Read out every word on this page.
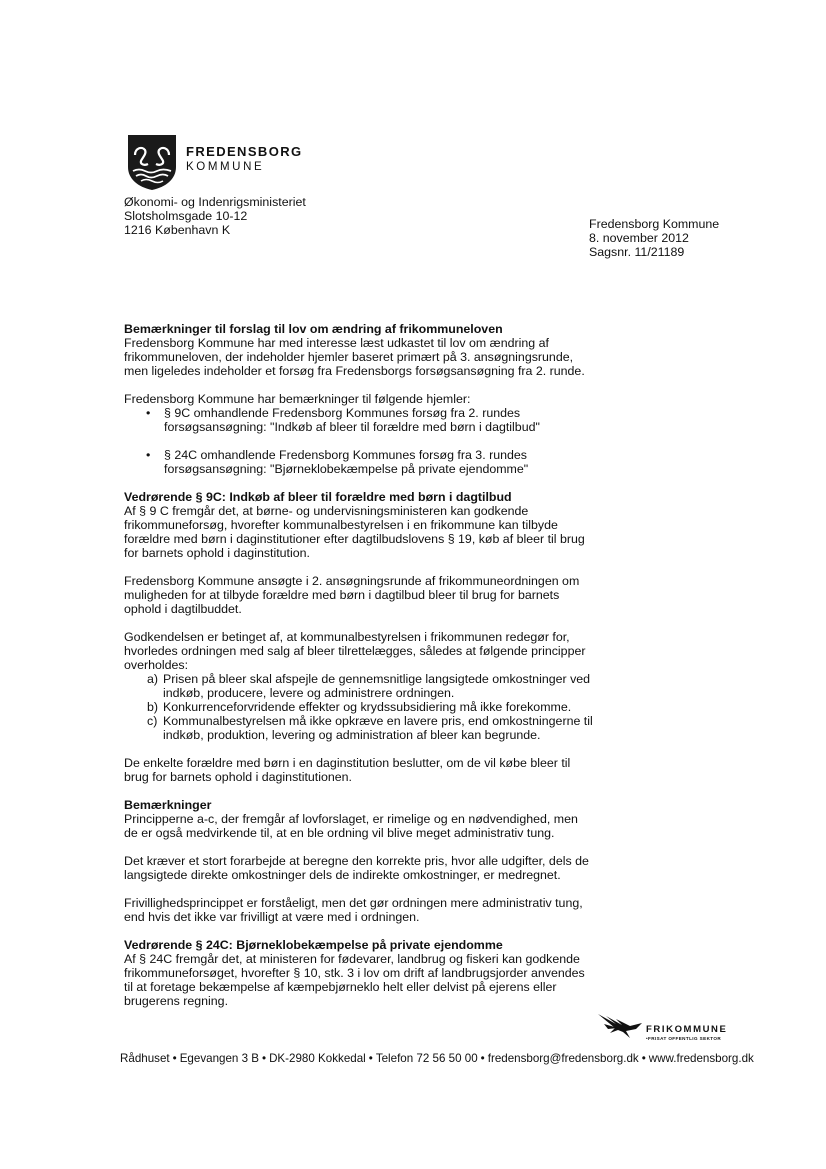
FREDENSBORG
KOMMUNE
Økonomi- og Indenrigsministeriet
Slotsholmsgade 10-12
1216 København K	Fredensborg Kommune
8. november 2012
Sagsnr. 11/21189

Bemærkninger til forslag til lov om ændring af frikommuneloven
Fredensborg Kommune har med interesse læst udkastet til lov om ændring af frikommuneloven, der indeholder hjemler baseret primært på 3. ansøgningsrunde, men ligeledes indeholder et forsøg fra Fredensborgs forsøgsansøgning fra 2. runde.

Fredensborg Kommune har bemærkninger til følgende hjemler:

• § 9C omhandlende Fredensborg Kommunes forsøg fra 2. rundes forsøgsansøgning: "Indkøb af bleer til forældre med børn i dagtilbud"
• § 24C omhandlende Fredensborg Kommunes forsøg fra 3. rundes forsøgsansøgning: "Bjørneklobekæmpelse på private ejendomme"

Vedrørende § 9C: Indkøb af bleer til forældre med børn i dagtilbud
Af § 9 C fremgår det, at børne- og undervisningsministeren kan godkende frikommuneforsøg, hvorefter kommunalbestyrelsen i en frikommune kan tilbyde forældre med børn i daginstitutioner efter dagtilbudslovens § 19, køb af bleer til brug for barnets ophold i daginstitution.

Fredensborg Kommune ansøgte i 2. ansøgningsrunde af frikommuneordningen om muligheden for at tilbyde forældre med børn i dagtilbud bleer til brug for barnets ophold i dagtilbuddet.

Godkendelsen er betinget af, at kommunalbestyrelsen i frikommunen redegør for, hvorledes ordningen med salg af bleer tilrettelægges, således at følgende principper overholdes:

a) Prisen på bleer skal afspejle de gennemsnitlige langsigtede omkostninger ved indkøb, producere, levere og administrere ordningen.
b) Konkurrenceforvridende effekter og krydssubsidiering må ikke forekomme.
c) Kommunalbestyrelsen må ikke opkræve en lavere pris, end omkostningerne til indkøb, produktion, levering og administration af bleer kan begrunde.

De enkelte forældre med børn i en daginstitution beslutter, om de vil købe bleer til brug for barnets ophold i daginstitutionen.

Bemærkninger
Principperne a-c, der fremgår af lovforslaget, er rimelige og en nødvendighed, men de er også medvirkende til, at en ble ordning vil blive meget administrativ tung.

Det kræver et stort forarbejde at beregne den korrekte pris, hvor alle udgifter, dels de langsigtede direkte omkostninger dels de indirekte omkostninger, er medregnet.

Frivillighedsprincippet er forståeligt, men det gør ordningen mere administrativ tung, end hvis det ikke var frivilligt at være med i ordningen.

Vedrørende § 24C: Bjørneklobekæmpelse på private ejendomme
Af § 24C fremgår det, at ministeren for fødevarer, landbrug og fiskeri kan godkende frikommuneforsøget, hvorefter § 10, stk. 3 i lov om drift af landbrugsjorder anvendes til at foretage bekæmpelse af kæmpebjørneklo helt eller delvist på ejerens eller brugerens regning.

FRIKOMMUNE
•FRISAT OFFENTLIG SEKTOR
Rådhuset • Egevangen 3 B • DK-2980 Kokkedal • Telefon 72 56 50 00 • fredensborg@fredensborg.dk • www.fredensborg.dk
